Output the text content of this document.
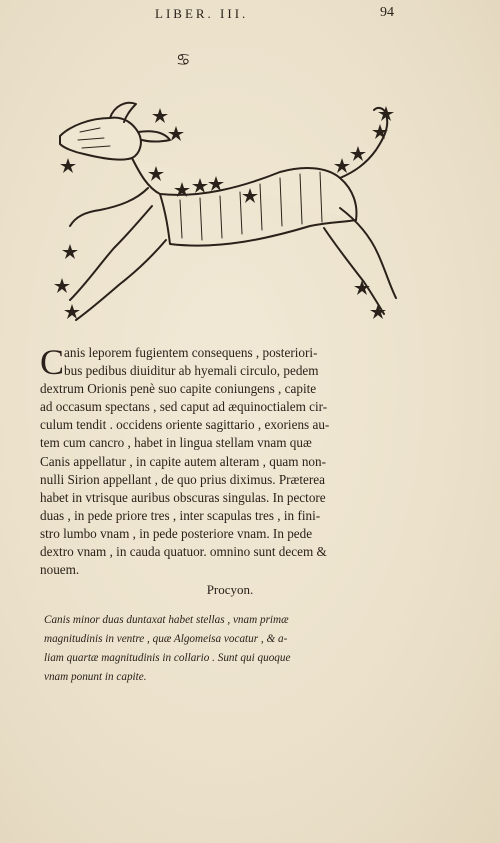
LIBER. III.	94
♋
C anis leporem fugientem consequens , posteriori-
bus pedibus diuiditur ab hyemali circulo, pedem
dextrum Orionis penè suo capite coniungens , capite
ad occasum spectans , sed caput ad æquinoctialem cir-
culum tendit . occidens oriente sagittario , exoriens au-
tem cum cancro , habet in lingua stellam vnam quæ
Canis appellatur , in capite autem alteram , quam non-
nulli Sirion appellant , de quo prius diximus. Præterea
habet in vtrisque auribus obscuras singulas. In pectore
duas , in pede priore tres , inter scapulas tres , in fini-
stro lumbo vnam , in pede posteriore vnam. In pede
dextro vnam , in cauda quatuor. omnino sunt decem &
nouem.
Procyon.
Canis minor duas duntaxat habet stellas , vnam primæ
magnitudinis in ventre , quæ Algomeisa vocatur , & a-
liam quartæ magnitudinis in collario . Sunt qui quoque
vnam ponunt in capite.
